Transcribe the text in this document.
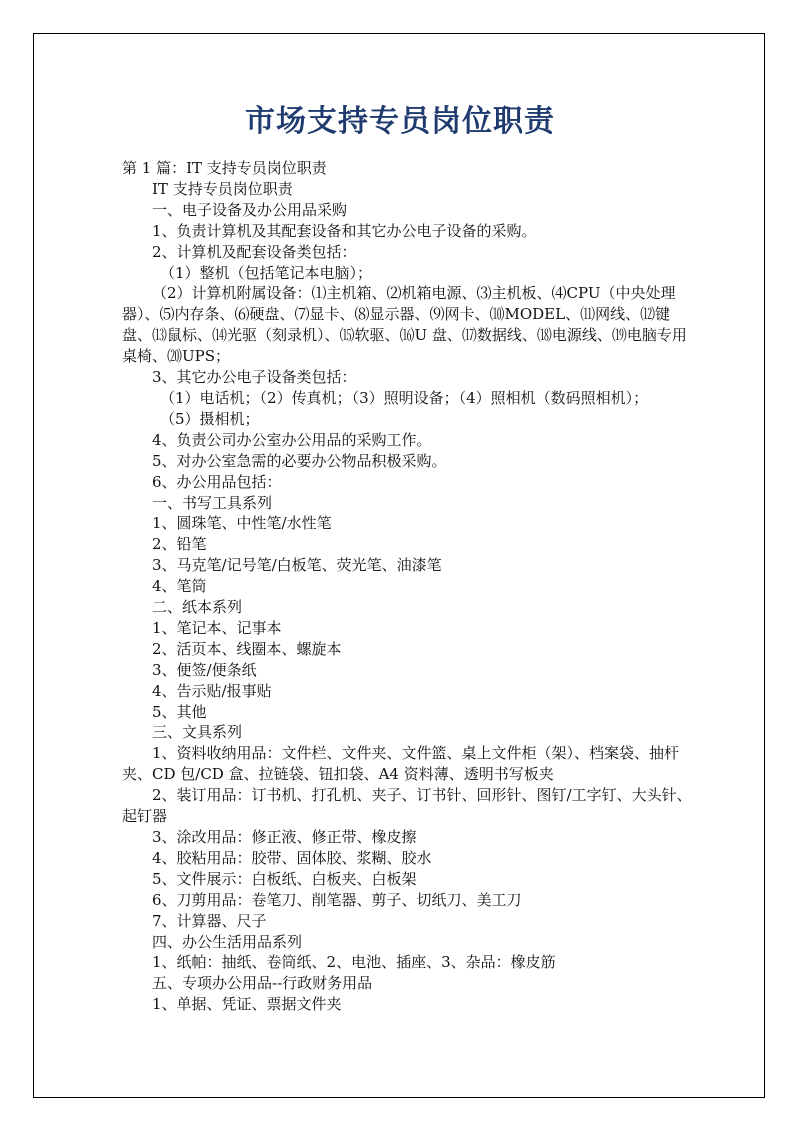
市场支持专员岗位职责

第 1 篇：IT 支持专员岗位职责

IT 支持专员岗位职责

一、电子设备及办公用品采购

1、负责计算机及其配套设备和其它办公电子设备的采购。

2、计算机及配套设备类包括：

（1）整机（包括笔记本电脑）；

（2）计算机附属设备：⑴主机箱、⑵机箱电源、⑶主机板、⑷CPU（中央处理器）、⑸内存条、⑹硬盘、⑺显卡、⑻显示器、⑼网卡、⑽MODEL、⑾网线、⑿键盘、⒀鼠标、⒁光驱（刻录机）、⒂软驱、⒃U 盘、⒄数据线、⒅电源线、⒆电脑专用桌椅、⒇UPS；

3、其它办公电子设备类包括：

（1）电话机；（2）传真机；（3）照明设备；（4）照相机（数码照相机）；

（5）摄相机；

4、负责公司办公室办公用品的采购工作。

5、对办公室急需的必要办公物品积极采购。

6、办公用品包括：

一、书写工具系列

1、圆珠笔、中性笔/水性笔

2、铅笔

3、马克笔/记号笔/白板笔、荧光笔、油漆笔

4、笔筒

二、纸本系列

1、笔记本、记事本

2、活页本、线圈本、螺旋本

3、便签/便条纸

4、告示贴/报事贴

5、其他

三、文具系列

1、资料收纳用品：文件栏、文件夹、文件篮、桌上文件柜（架）、档案袋、抽杆夹、CD 包/CD 盒、拉链袋、钮扣袋、A4 资料薄、透明书写板夹

2、装订用品：订书机、打孔机、夹子、订书针、回形针、图钉/工字钉、大头针、起钉器

3、涂改用品：修正液、修正带、橡皮擦

4、胶粘用品：胶带、固体胶、浆糊、胶水

5、文件展示：白板纸、白板夹、白板架

6、刀剪用品：卷笔刀、削笔器、剪子、切纸刀、美工刀

7、计算器、尺子

四、办公生活用品系列

1、纸帕：抽纸、卷筒纸、2、电池、插座、3、杂品：橡皮筋

五、专项办公用品--行政财务用品

1、单据、凭证、票据文件夹
